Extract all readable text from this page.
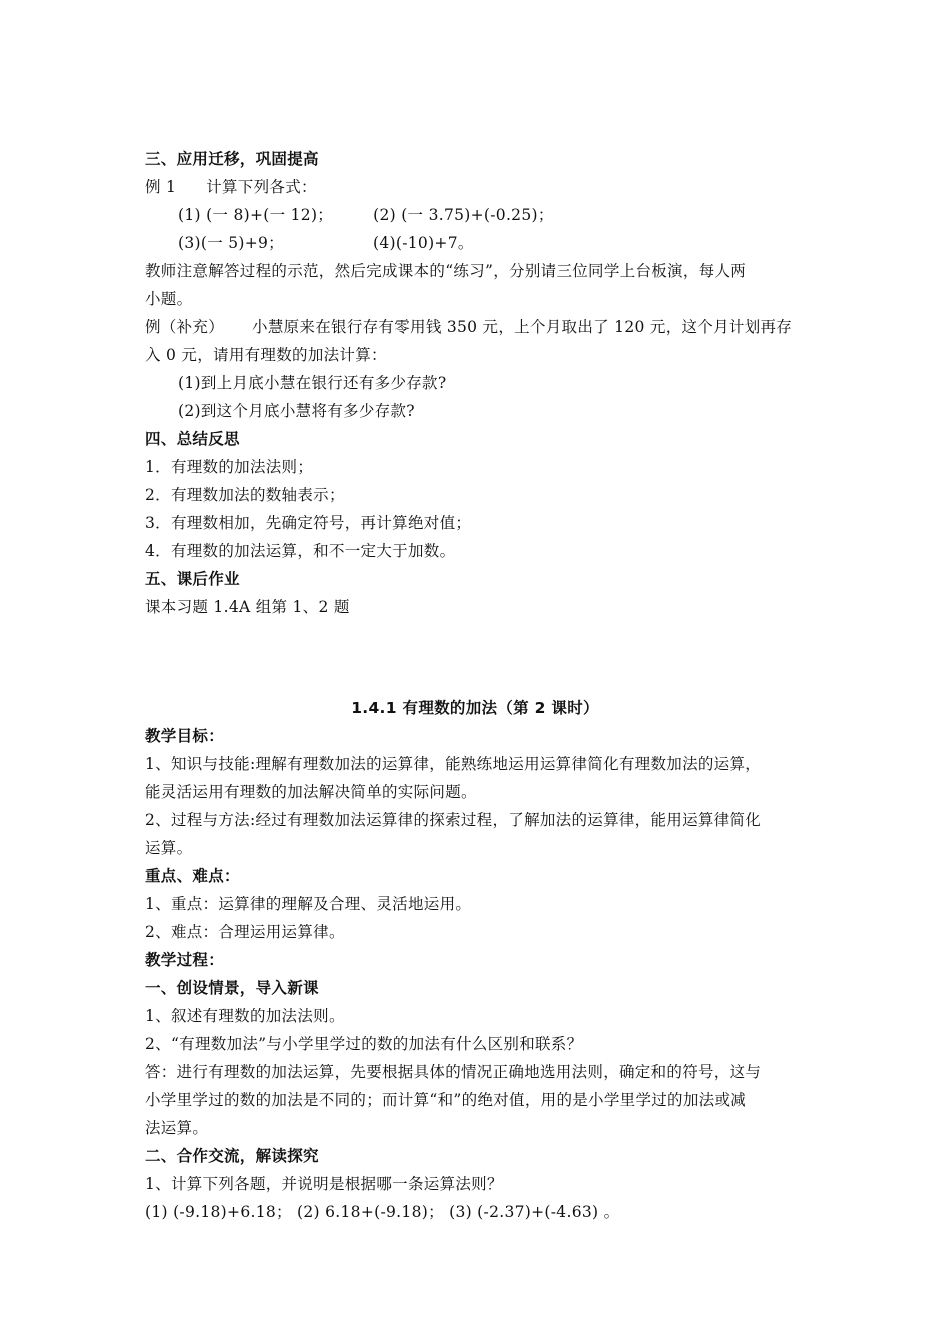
三、应用迁移，巩固提高
例 1 计算下列各式：
(1) (一 8)+(一 12)；	(2) (一 3.75)+(-0.25)；
(3)(一 5)+9；	(4)(-10)+7。
教师注意解答过程的示范，然后完成课本的“练习”，分别请三位同学上台板演，每人两
小题。
例（补充） 小慧原来在银行存有零用钱 350 元，上个月取出了 120 元，这个月计划再存
入 0 元，请用有理数的加法计算：
(1)到上月底小慧在银行还有多少存款?
(2)到这个月底小慧将有多少存款?
四、总结反思
1．有理数的加法法则；
2．有理数加法的数轴表示；
3．有理数相加，先确定符号，再计算绝对值；
4．有理数的加法运算，和不一定大于加数。
五、课后作业
课本习题 1.4A 组第 1、2 题
1.4.1 有理数的加法（第 2 课时）
教学目标：
1、知识与技能:理解有理数加法的运算律，能熟练地运用运算律简化有理数加法的运算，
能灵活运用有理数的加法解决简单的实际问题。
2、过程与方法:经过有理数加法运算律的探索过程，了解加法的运算律，能用运算律简化
运算。
重点、难点：
1、重点：运算律的理解及合理、灵活地运用。
2、难点：合理运用运算律。
教学过程：
一、创设情景，导入新课
1、叙述有理数的加法法则。
2、“有理数加法”与小学里学过的数的加法有什么区别和联系？
答：进行有理数的加法运算，先要根据具体的情况正确地选用法则，确定和的符号，这与
小学里学过的数的加法是不同的；而计算“和”的绝对值，用的是小学里学过的加法或减
法运算。
二、合作交流，解读探究
1、计算下列各题，并说明是根据哪一条运算法则？
(1) (-9.18)+6.18； (2) 6.18+(-9.18)； (3) (-2.37)+(-4.63) 。
